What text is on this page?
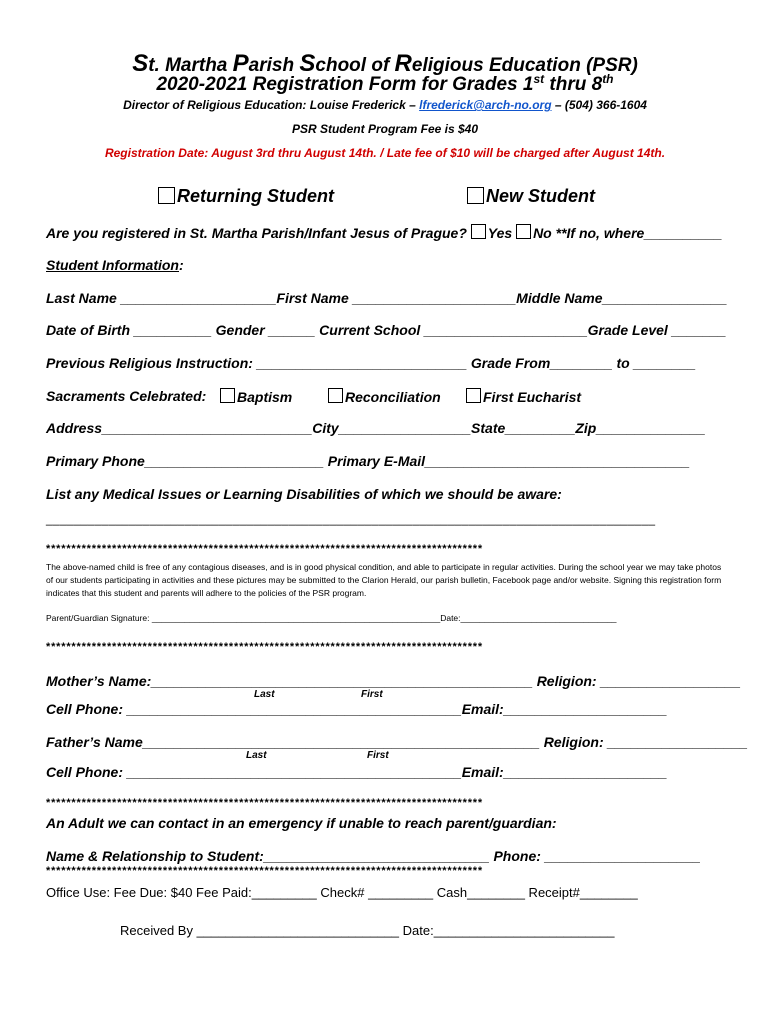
St. Martha Parish School of Religious Education (PSR)
2020-2021 Registration Form for Grades 1st thru 8th
Director of Religious Education: Louise Frederick – lfrederick@arch-no.org – (504) 366-1604
PSR Student Program Fee is $40
Registration Date: August 3rd thru August 14th. / Late fee of $10 will be charged after August 14th.
Returning Student	New Student
Are you registered in St. Martha Parish/Infant Jesus of Prague? Yes No **If no, where__________
Student Information:
Last Name ____________________First Name _____________________Middle Name________________
Date of Birth __________ Gender ______ Current School _____________________Grade Level _______
Previous Religious Instruction: ___________________________ Grade From________ to ________
Sacraments Celebrated:	Baptism	Reconciliation	First Eucharist
Address___________________________City_________________State_________Zip______________
Primary Phone_______________________ Primary E-Mail__________________________________
List any Medical Issues or Learning Disabilities of which we should be aware:
________________________________________________________________________________________
**************************************************************************************
The above-named child is free of any contagious diseases, and is in good physical condition, and able to participate in regular activities. During the school year we may take photos of our students participating in activities and these pictures may be submitted to the Clarion Herald, our parish bulletin, Facebook page and/or website. Signing this registration form indicates that this student and parents will adhere to the policies of the PSR program.
Parent/Guardian Signature: _____________________________________________________________Date:_________________________________
**************************************************************************************
Mother’s Name:_________________________________________________ Religion: __________________
Last	First
Cell Phone: ___________________________________________Email:_____________________
Father’s Name___________________________________________________ Religion: __________________
Last	First
Cell Phone: ___________________________________________Email:_____________________
**************************************************************************************
An Adult we can contact in an emergency if unable to reach parent/guardian:
Name & Relationship to Student:_____________________________ Phone: ____________________
**************************************************************************************
Office Use: Fee Due: $40 Fee Paid:_________ Check# _________ Cash________ Receipt#________
Received By ____________________________ Date:_________________________
